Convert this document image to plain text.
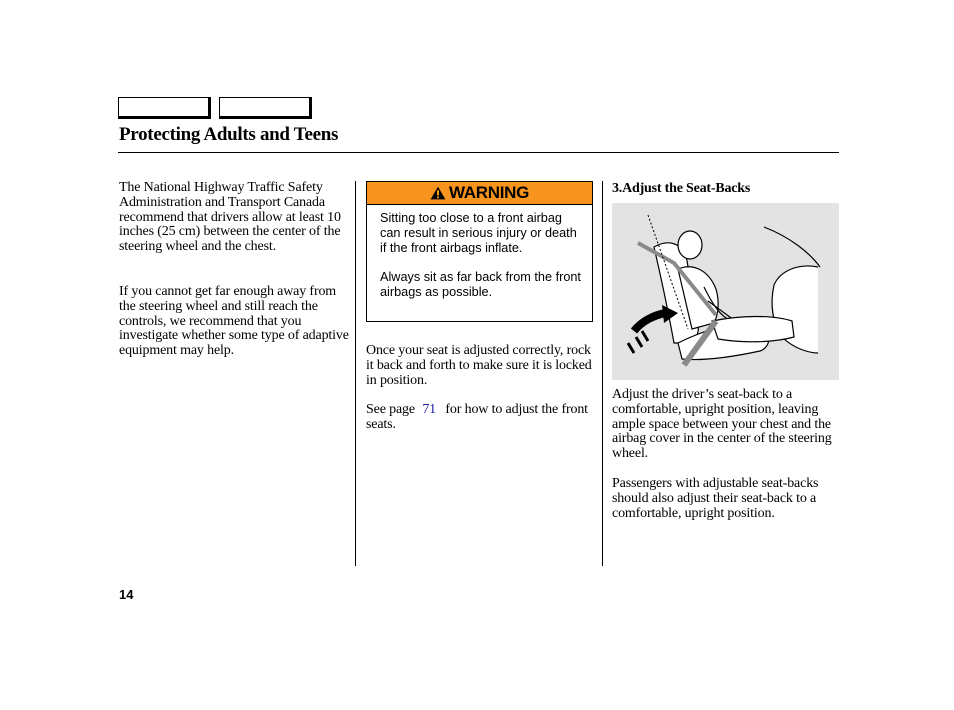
Protecting Adults and Teens

The National Highway Traffic Safety Administration and Transport Canada recommend that drivers allow at least 10 inches (25 cm) between the center of the steering wheel and the chest.

If you cannot get far enough away from the steering wheel and still reach the controls, we recommend that you investigate whether some type of adaptive equipment may help.

WARNING

Sitting too close to a front airbag can result in serious injury or death if the front airbags inflate.

Always sit as far back from the front airbags as possible.

Once your seat is adjusted correctly, rock it back and forth to make sure it is locked in position.

See page 71 for how to adjust the front seats.

3.Adjust the Seat-Backs

Adjust the driver’s seat-back to a comfortable, upright position, leaving ample space between your chest and the airbag cover in the center of the steering wheel.

Passengers with adjustable seat-backs should also adjust their seat-back to a comfortable, upright position.

14
